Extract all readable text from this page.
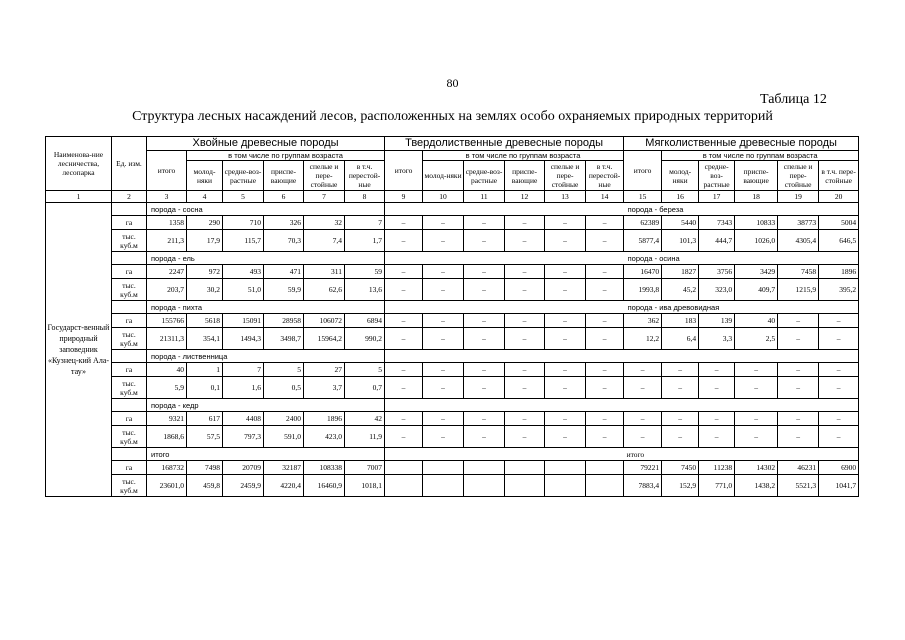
80
Таблица 12
Структура лесных насаждений лесов, расположенных на землях особо охраняемых природных территорий
Наименова-ние лесничества, лесопарка	Ед. изм.	Хвойные древесные породы						Твердолиственные древесные породы						Мягколиственные древесные породы					
		итого	в том числе по группам возраста					итого	в том числе по группам возраста					итого	в том числе по группам возраста				
			молод-няки	средне-воз-растные	приспе-вающие	спелые и пере-стойные	в т.ч. перестой-ные		молод-няки	средне-воз-растные	приспе-вающие	спелые и пере-стойные	в т.ч. перестой-ные		молод-няки	средне-воз-растные	приспе-вающие	спелые и пере-стойные	в т.ч. пере-стойные
1	2	3	4	5	6	7	8	9	10	11	12	13	14	15	16	17	18	19	20
Государст-венный природный заповедник «Кузнец-кий Ала-тау»		порода - сосна												порода - береза					
	га	1358	290	710	326	32	7	–	–	–	–	–	–	62389	5440	7343	10833	38773	5004
	тыс. куб.м	211,3	17,9	115,7	70,3	7,4	1,7	–	–	–	–	–	–	5877,4	101,3	444,7	1026,0	4305,4	646,5
		порода - ель												порода - осина					
	га	2247	972	493	471	311	59	–	–	–	–	–	–	16470	1827	3756	3429	7458	1896
	тыс. куб.м	203,7	30,2	51,0	59,9	62,6	13,6	–	–	–	–	–	–	1993,8	45,2	323,0	409,7	1215,9	395,2
		порода - пихта												порода - ива древовидная					
	га	155766	5618	15091	28958	106072	6894	–	–	–	–	–	–	362	183	139	40	–	–
	тыс. куб.м	21311,3	354,1	1494,3	3498,7	15964,2	990,2	–	–	–	–	–	–	12,2	6,4	3,3	2,5	–	–
		порода - лиственница																	
	га	40	1	7	5	27	5	–	–	–	–	–	–	–	–	–	–	–	–
	тыс. куб.м	5,9	0,1	1,6	0,5	3,7	0,7	–	–	–	–	–	–	–	–	–	–	–	–
		порода - кедр																	
	га	9321	617	4408	2400	1896	42	–	–	–	–	–	–	–	–	–	–	–	–
	тыс. куб.м	1868,6	57,5	797,3	591,0	423,0	11,9	–	–	–	–	–	–	–	–	–	–	–	–
		итого												итого					
	га	168732	7498	20709	32187	108338	7007							79221	7450	11238	14302	46231	6900
	тыс. куб.м	23601,0	459,8	2459,9	4220,4	16460,9	1018,1							7883,4	152,9	771,0	1438,2	5521,3	1041,7
